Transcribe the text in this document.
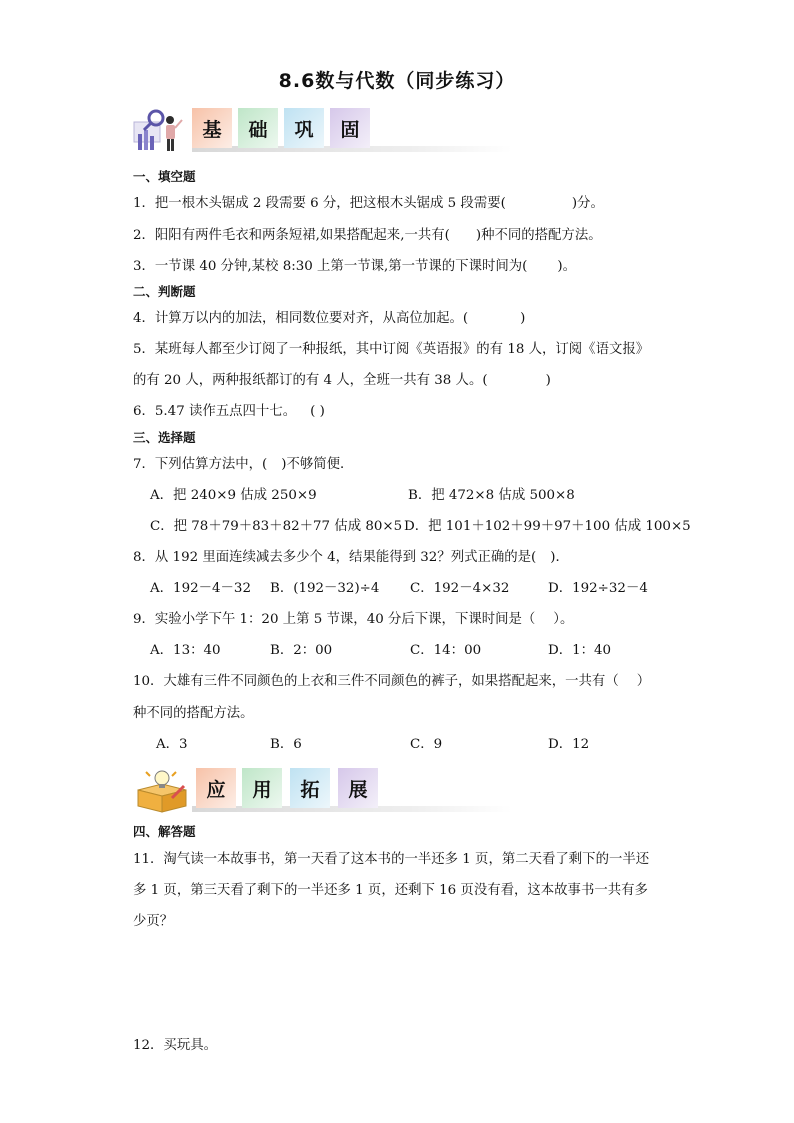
8.6数与代数（同步练习）
基 础 巩 固
一、填空题
1．把一根木头锯成 2 段需要 6 分，把这根木头锯成 5 段需要(	)分。
2．阳阳有两件毛衣和两条短裙,如果搭配起来,一共有( )种不同的搭配方法。
3．一节课 40 分钟,某校 8:30 上第一节课,第一节课的下课时间为( )。
二、判断题
4．计算万以内的加法，相同数位要对齐，从高位加起。(	)
5．某班每人都至少订阅了一种报纸，其中订阅《英语报》的有 18 人，订阅《语文报》
的有 20 人，两种报纸都订的有 4 人，全班一共有 38 人。(	)
6．5.47 读作五点四十七。 ( )
三、选择题
7．下列估算方法中，( )不够简便．
A．把 240×9 估成 250×9	B．把 472×8 估成 500×8
C．把 78＋79＋83＋82＋77 估成 80×5 D．把 101＋102＋99＋97＋100 估成 100×5
8．从 192 里面连续减去多少个 4，结果能得到 32？列式正确的是( )．
A．192－4－32 B．(192－32)÷4 C．192－4×32	D．192÷32－4
9．实验小学下午 1：20 上第 5 节课，40 分后下课，下课时间是（ ）。
A．13：40	B．2：00	C．14：00	D．1：40
10．大雄有三件不同颜色的上衣和三件不同颜色的裤子，如果搭配起来，一共有（ ）
种不同的搭配方法。
A．3	B．6	C．9	D．12
应 用 拓 展
四、解答题
11．淘气读一本故事书，第一天看了这本书的一半还多 1 页，第二天看了剩下的一半还
多 1 页，第三天看了剩下的一半还多 1 页，还剩下 16 页没有看，这本故事书一共有多
少页？
12．买玩具。
